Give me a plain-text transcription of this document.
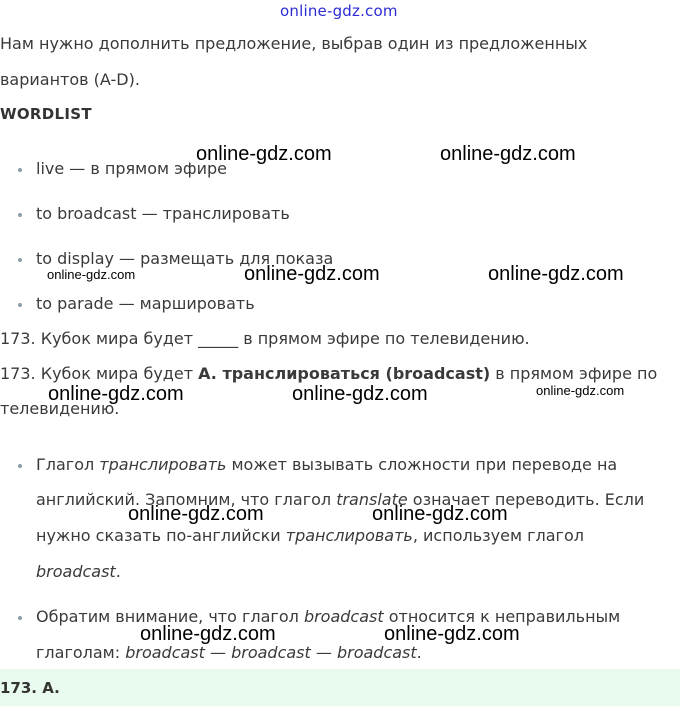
online-gdz.com
Нам нужно дополнить предложение, выбрав один из предложенных
вариантов (A-D).
WORDLIST
live — в прямом эфире
to broadcast — транслировать
to display — размещать для показа
to parade — маршировать
173. Кубок мира будет _____ в прямом эфире по телевидению.
173. Кубок мира будет A. транслироваться (broadcast) в прямом эфире по
телевидению.
Глагол транслировать может вызывать сложности при переводе на
английский. Запомним, что глагол translate означает переводить. Если
нужно сказать по-английски транслировать, используем глагол
broadcast.
Обратим внимание, что глагол broadcast относится к неправильным
глаголам: broadcast — broadcast — broadcast.
173. A.
online-gdz.com	online-gdz.com
online-gdz.com	online-gdz.com	online-gdz.com
online-gdz.com	online-gdz.com	online-gdz.com
online-gdz.com	online-gdz.com
online-gdz.com	online-gdz.com
